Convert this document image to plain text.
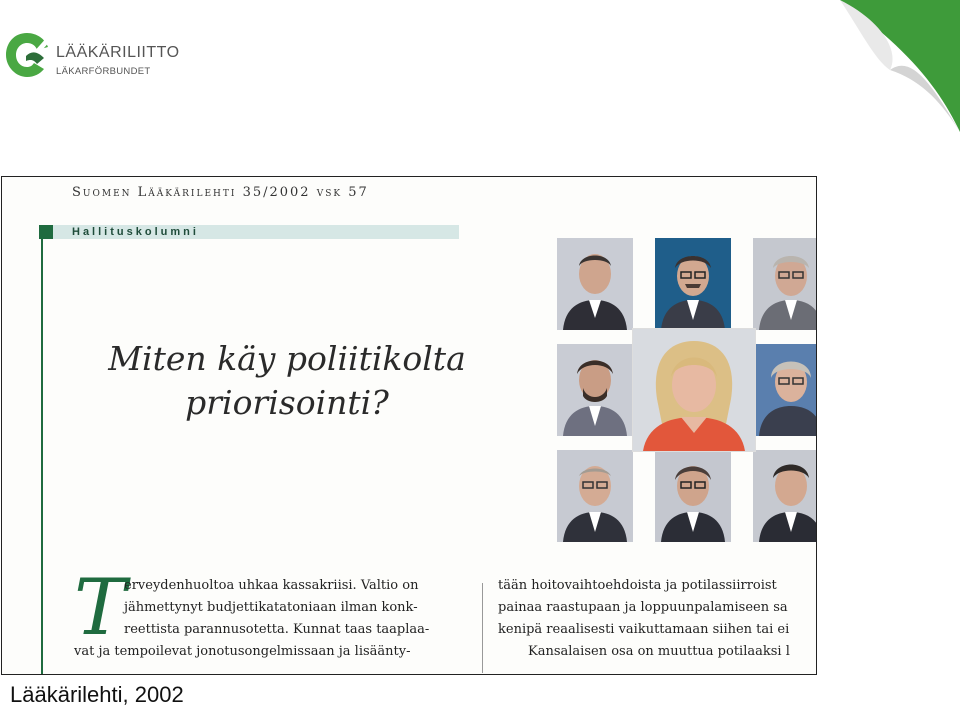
LÄÄKÄRILIITTO
LÄKARFÖRBUNDET
Suomen Lääkärilehti 35/2002 vsk 57
Hallituskolumni
Miten käy poliitikolta
priorisointi?
T

erveydenhuoltoa uhkaa kassakriisi. Valtio on

jähmettynyt budjettikatatoniaan ilman konk-

reettista parannusotetta. Kunnat taas taaplaa-

vat ja tempoilevat jonotusongelmissaan ja lisäänty-

tään hoitovaihtoehdoista ja potilassiirroist

painaa raastupaan ja loppuunpalamiseen sa

kenipä reaalisesti vaikuttamaan siihen tai ei

Kansalaisen osa on muuttua potilaaksi l

Lääkärilehti, 2002
